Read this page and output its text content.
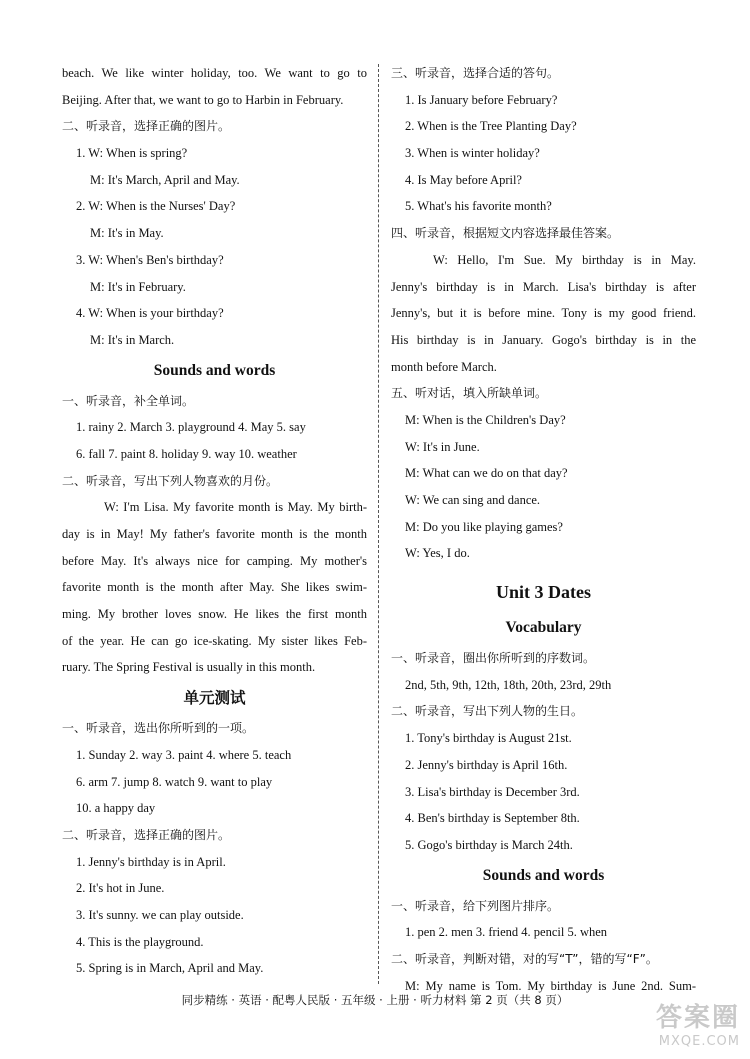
beach. We like winter holiday, too. We want to go to
Beijing. After that, we want to go to Harbin in February.
二、听录音，选择正确的图片。
1. W: When is spring?
M: It's March, April and May.
2. W: When is the Nurses' Day?
M: It's in May.
3. W: When's Ben's birthday?
M: It's in February.
4. W: When is your birthday?
M: It's in March.
Sounds and words
一、听录音，补全单词。
1. rainy 2. March 3. playground 4. May 5. say
6. fall 7. paint 8. holiday 9. way 10. weather
二、听录音，写出下列人物喜欢的月份。
W: I'm Lisa. My favorite month is May. My birth-
day is in May! My father's favorite month is the month
before May. It's always nice for camping. My mother's
favorite month is the month after May. She likes swim-
ming. My brother loves snow. He likes the first month
of the year. He can go ice-skating. My sister likes Feb-
ruary. The Spring Festival is usually in this month.
单元测试
一、听录音，选出你所听到的一项。
1. Sunday 2. way 3. paint 4. where 5. teach
6. arm 7. jump 8. watch 9. want to play
10. a happy day
二、听录音，选择正确的图片。
1. Jenny's birthday is in April.
2. It's hot in June.
3. It's sunny. we can play outside.
4. This is the playground.
5. Spring is in March, April and May.
三、听录音，选择合适的答句。
1. Is January before February?
2. When is the Tree Planting Day?
3. When is winter holiday?
4. Is May before April?
5. What's his favorite month?
四、听录音，根据短文内容选择最佳答案。
W: Hello, I'm Sue. My birthday is in May.
Jenny's birthday is in March. Lisa's birthday is after
Jenny's, but it is before mine. Tony is my good friend.
His birthday is in January. Gogo's birthday is in the
month before March.
五、听对话，填入所缺单词。
M: When is the Children's Day?
W: It's in June.
M: What can we do on that day?
W: We can sing and dance.
M: Do you like playing games?
W: Yes, I do.
Unit 3 Dates
Vocabulary
一、听录音，圈出你所听到的序数词。
2nd, 5th, 9th, 12th, 18th, 20th, 23rd, 29th
二、听录音，写出下列人物的生日。
1. Tony's birthday is August 21st.
2. Jenny's birthday is April 16th.
3. Lisa's birthday is December 3rd.
4. Ben's birthday is September 8th.
5. Gogo's birthday is March 24th.
Sounds and words
一、听录音，给下列图片排序。
1. pen 2. men 3. friend 4. pencil 5. when
二、听录音，判断对错，对的写“T”，错的写“F”。
M: My name is Tom. My birthday is June 2nd. Sum-
同步精练 · 英语 · 配粤人民版 · 五年级 · 上册 · 听力材料 第 2 页（共 8 页）
答案圈
MXQE.COM
